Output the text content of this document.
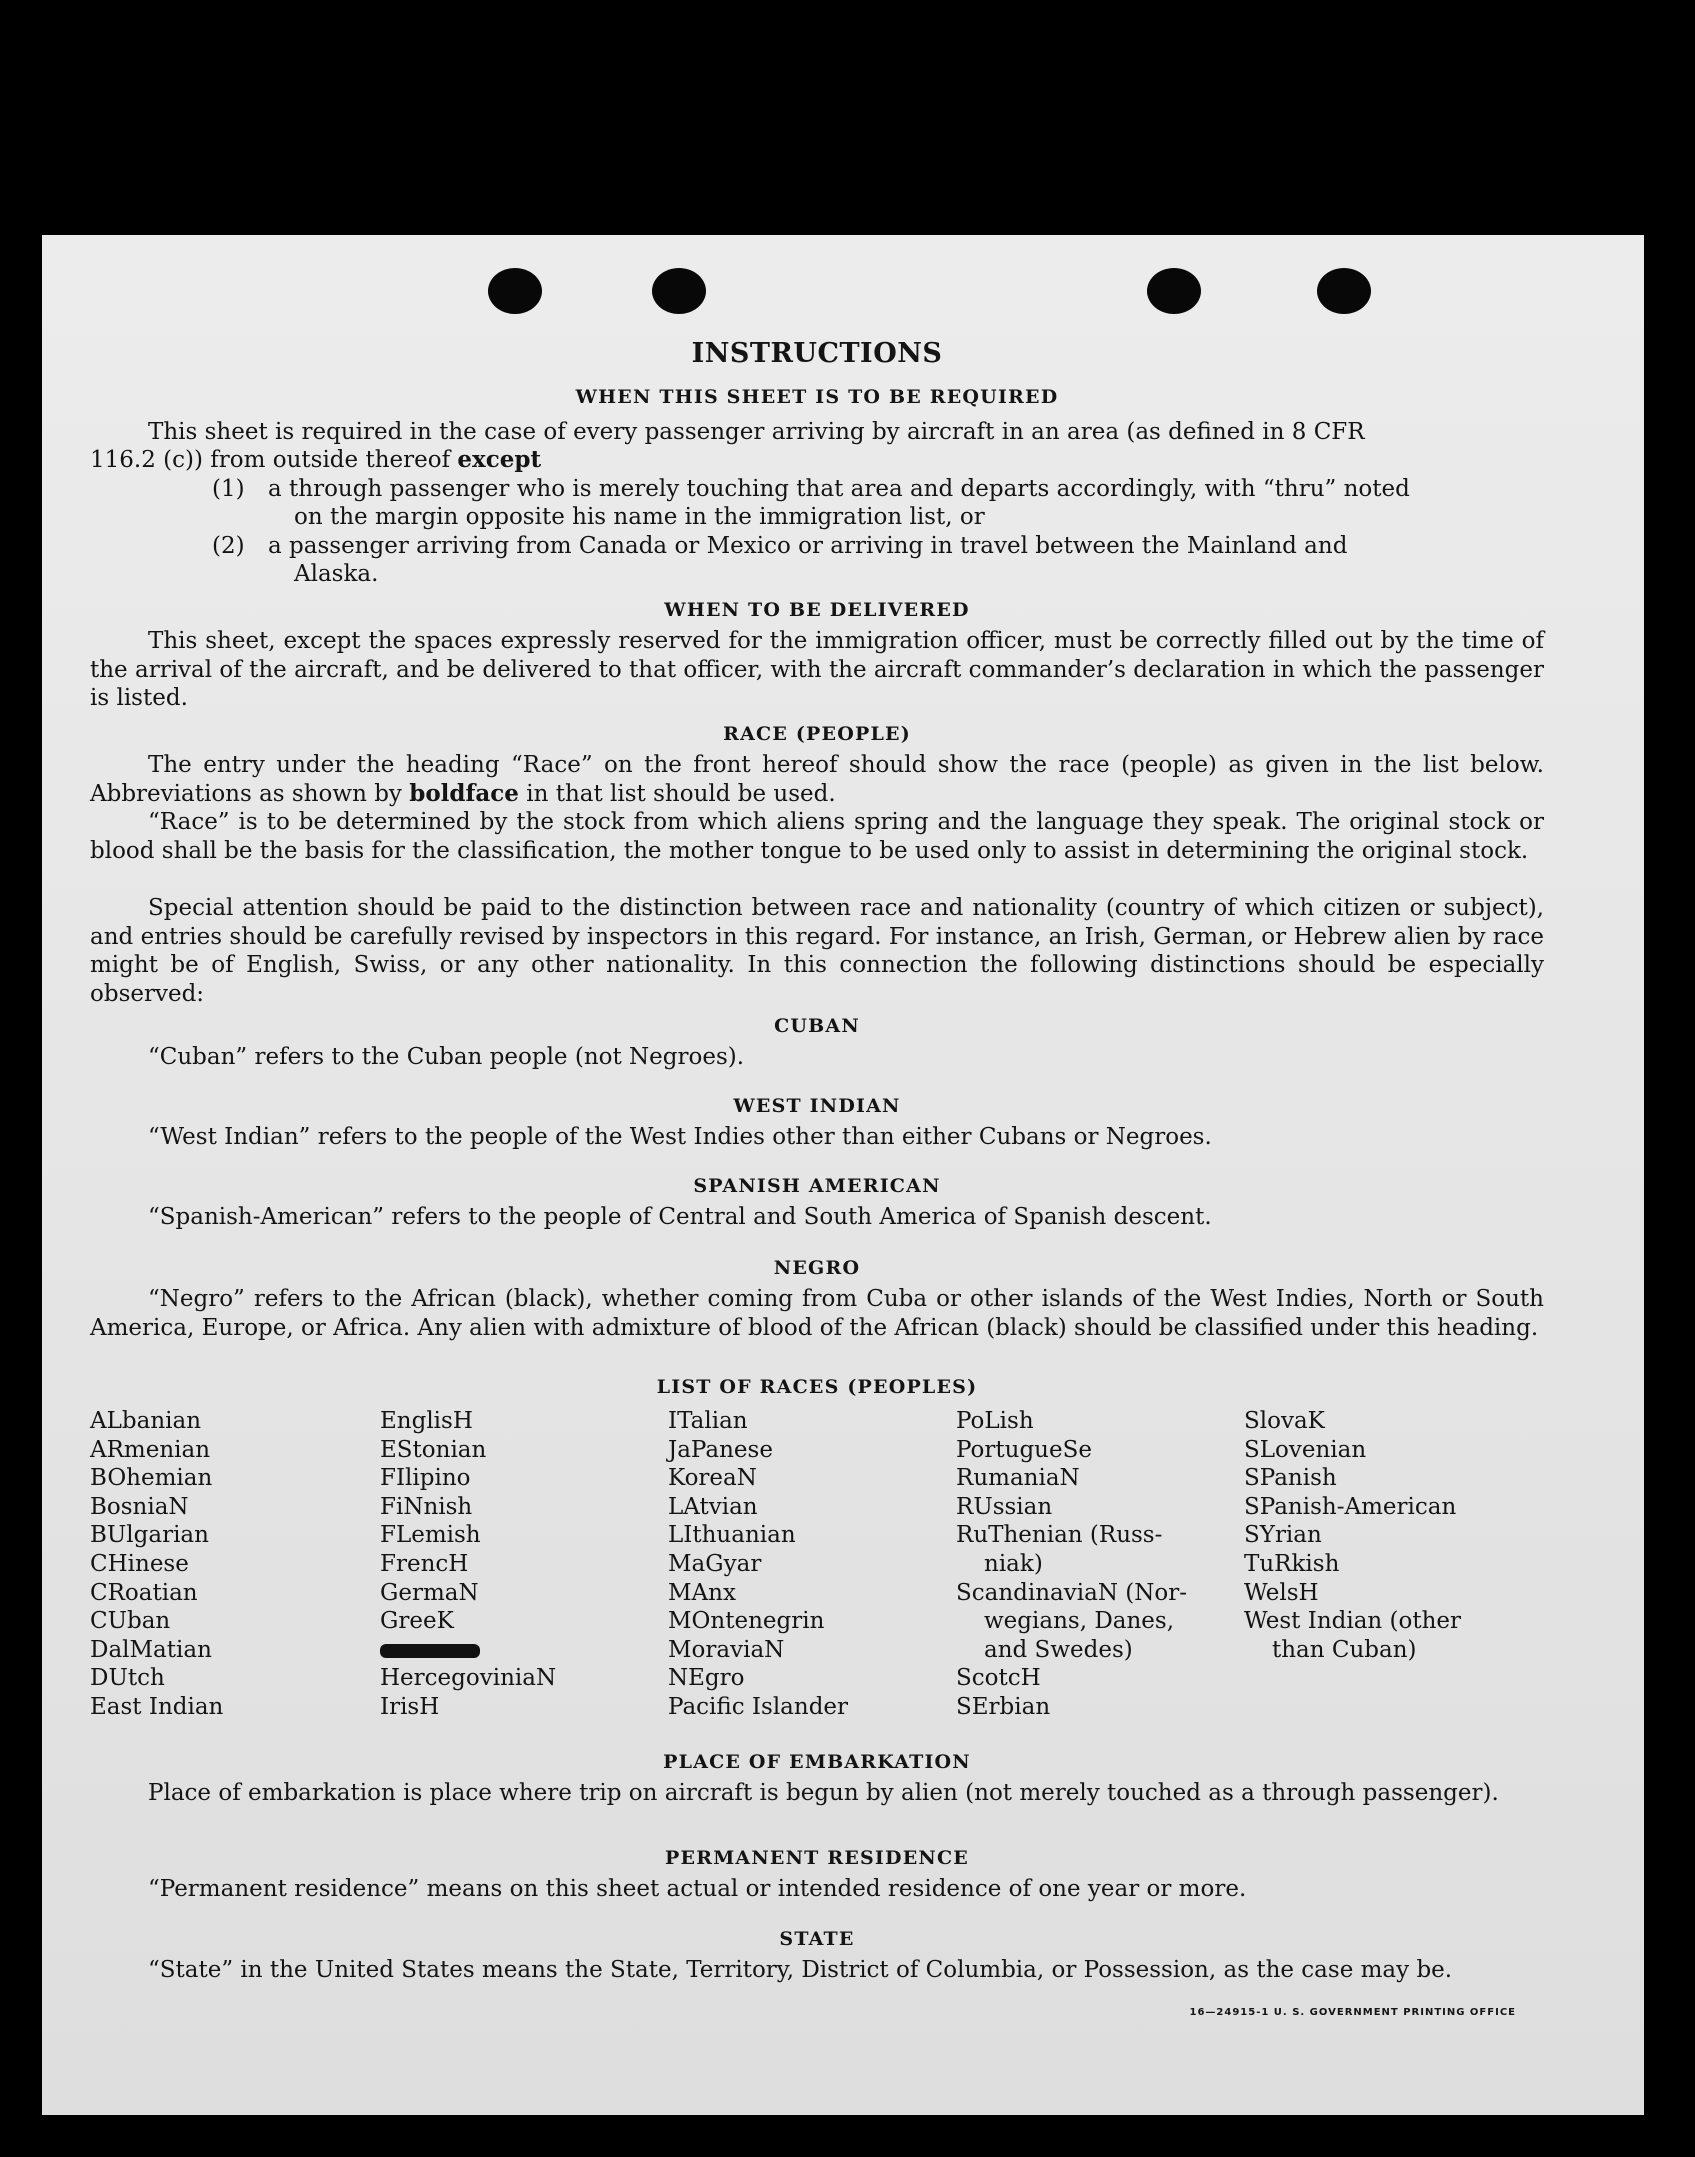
INSTRUCTIONS
WHEN THIS SHEET IS TO BE REQUIRED
This sheet is required in the case of every passenger arriving by aircraft in an area (as defined in 8 CFR
116.2 (c)) from outside thereof except
(1)	a through passenger who is merely touching that area and departs accordingly, with “thru” noted
on the margin opposite his name in the immigration list, or
(2)	a passenger arriving from Canada or Mexico or arriving in travel between the Mainland and
Alaska.
WHEN TO BE DELIVERED
This sheet, except the spaces expressly reserved for the immigration officer, must be correctly filled out by the time of the arrival of the aircraft, and be delivered to that officer, with the aircraft commander’s declaration in which the passenger is listed.
RACE (PEOPLE)
The entry under the heading “Race” on the front hereof should show the race (people) as given in the list below. Abbreviations as shown by boldface in that list should be used.
“Race” is to be determined by the stock from which aliens spring and the language they speak. The original stock or blood shall be the basis for the classification, the mother tongue to be used only to assist in determining the original stock.
Special attention should be paid to the distinction between race and nationality (country of which citizen or subject), and entries should be carefully revised by inspectors in this regard. For instance, an Irish, German, or Hebrew alien by race might be of English, Swiss, or any other nationality. In this connection the following distinctions should be especially observed:
CUBAN
“Cuban” refers to the Cuban people (not Negroes).
WEST INDIAN
“West Indian” refers to the people of the West Indies other than either Cubans or Negroes.
SPANISH AMERICAN
“Spanish-American” refers to the people of Central and South America of Spanish descent.
NEGRO
“Negro” refers to the African (black), whether coming from Cuba or other islands of the West Indies, North or South America, Europe, or Africa. Any alien with admixture of blood of the African (black) should be classified under this heading.
LIST OF RACES (PEOPLES)
ALbanian
ARmenian
BOhemian
BosniaN
BUlgarian
CHinese
CRoatian
CUban
DalMatian
DUtch
East Indian
EnglisH
EStonian
FIlipino
FiNnish
FLemish
FrencH
GermaN
GreeK
HercegoviniaN
IrisH
ITalian
JaPanese
KoreaN
LAtvian
LIthuanian
MaGyar
MAnx
MOntenegrin
MoraviaN
NEgro
Pacific Islander
PoLish
PortugueSe
RumaniaN
RUssian
RuThenian (Russ-
niak)
ScandinaviaN (Nor-
wegians, Danes,
and Swedes)
ScotcH
SErbian
SlovaK
SLovenian
SPanish
SPanish-American
SYrian
TuRkish
WelsH
West Indian (other
than Cuban)
PLACE OF EMBARKATION
Place of embarkation is place where trip on aircraft is begun by alien (not merely touched as a through passenger).
PERMANENT RESIDENCE
“Permanent residence” means on this sheet actual or intended residence of one year or more.
STATE
“State” in the United States means the State, Territory, District of Columbia, or Possession, as the case may be.
16—24915-1 U. S. GOVERNMENT PRINTING OFFICE
